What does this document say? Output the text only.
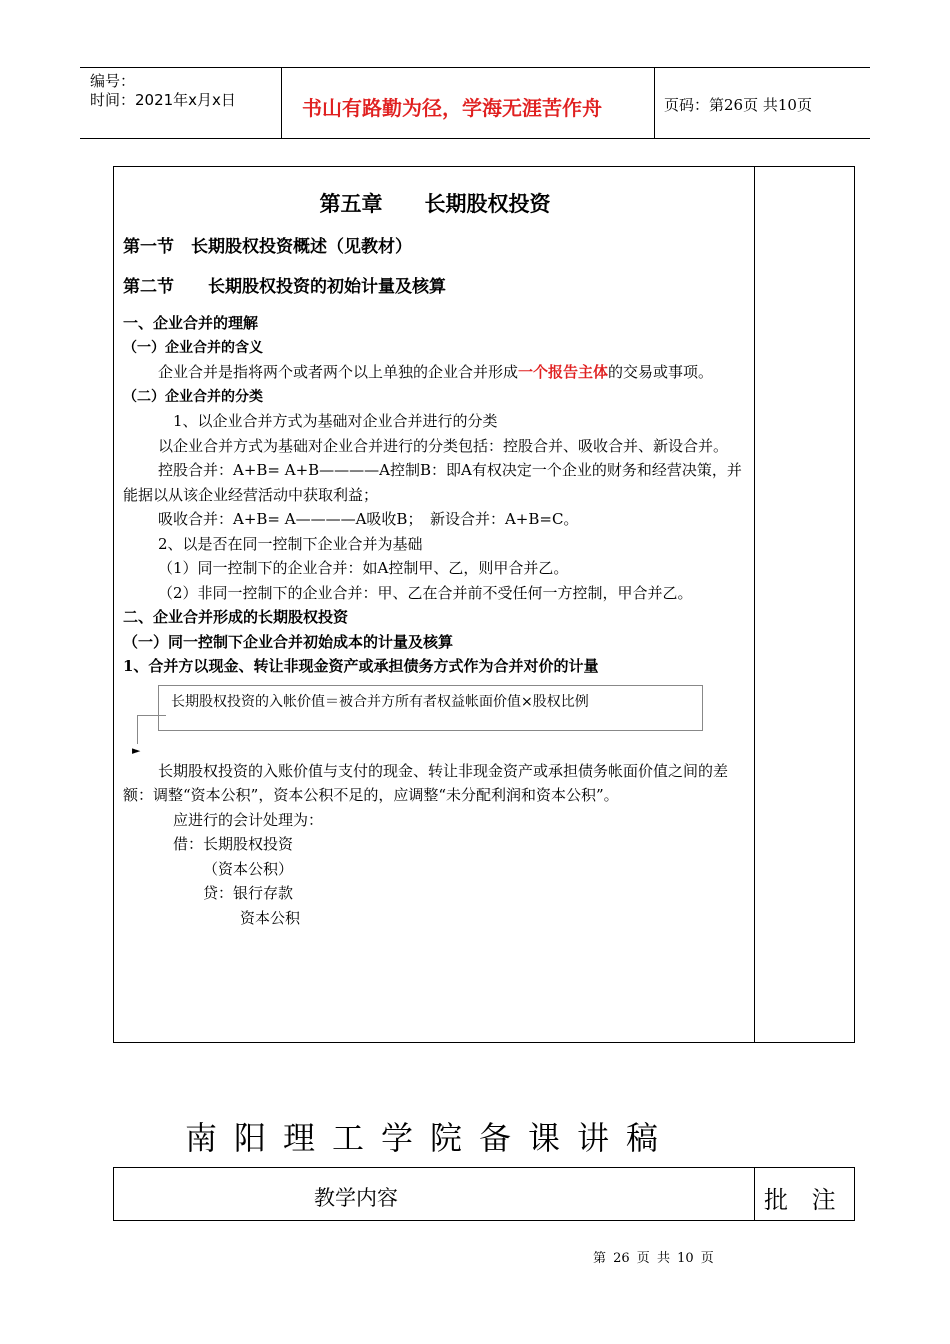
编号：
时间：2021年x月x日	书山有路勤为径，学海无涯苦作舟	页码：第26页 共10页
第五章　　长期股权投资
第一节　长期股权投资概述（见教材）
第二节　　长期股权投资的初始计量及核算
一、企业合并的理解
（一）企业合并的含义
企业合并是指将两个或者两个以上单独的企业合并形成一个报告主体的交易或事项。
（二）企业合并的分类
1、以企业合并方式为基础对企业合并进行的分类
以企业合并方式为基础对企业合并进行的分类包括：控股合并、吸收合并、新设合并。
控股合并：A+B= A+B————A控制B：即A有权决定一个企业的财务和经营决策，并能据以从该企业经营活动中获取利益；
吸收合并：A+B= A————A吸收B；　新设合并：A+B=C。
2、以是否在同一控制下企业合并为基础
（1）同一控制下的企业合并：如A控制甲、乙，则甲合并乙。
（2）非同一控制下的企业合并：甲、乙在合并前不受任何一方控制，甲合并乙。
二、企业合并形成的长期股权投资
（一）同一控制下企业合并初始成本的计量及核算
1、合并方以现金、转让非现金资产或承担债务方式作为合并对价的计量
长期股权投资的入帐价值＝被合并方所有者权益帐面价值×股权比例
►
长期股权投资的入账价值与支付的现金、转让非现金资产或承担债务帐面价值之间的差额：调整“资本公积”，资本公积不足的，应调整“未分配利润和资本公积”。
应进行的会计处理为：
借：长期股权投资
（资本公积）
贷：银行存款
资本公积
南阳理工学院备课讲稿
教学内容	批 注
第 26 页 共 10 页
